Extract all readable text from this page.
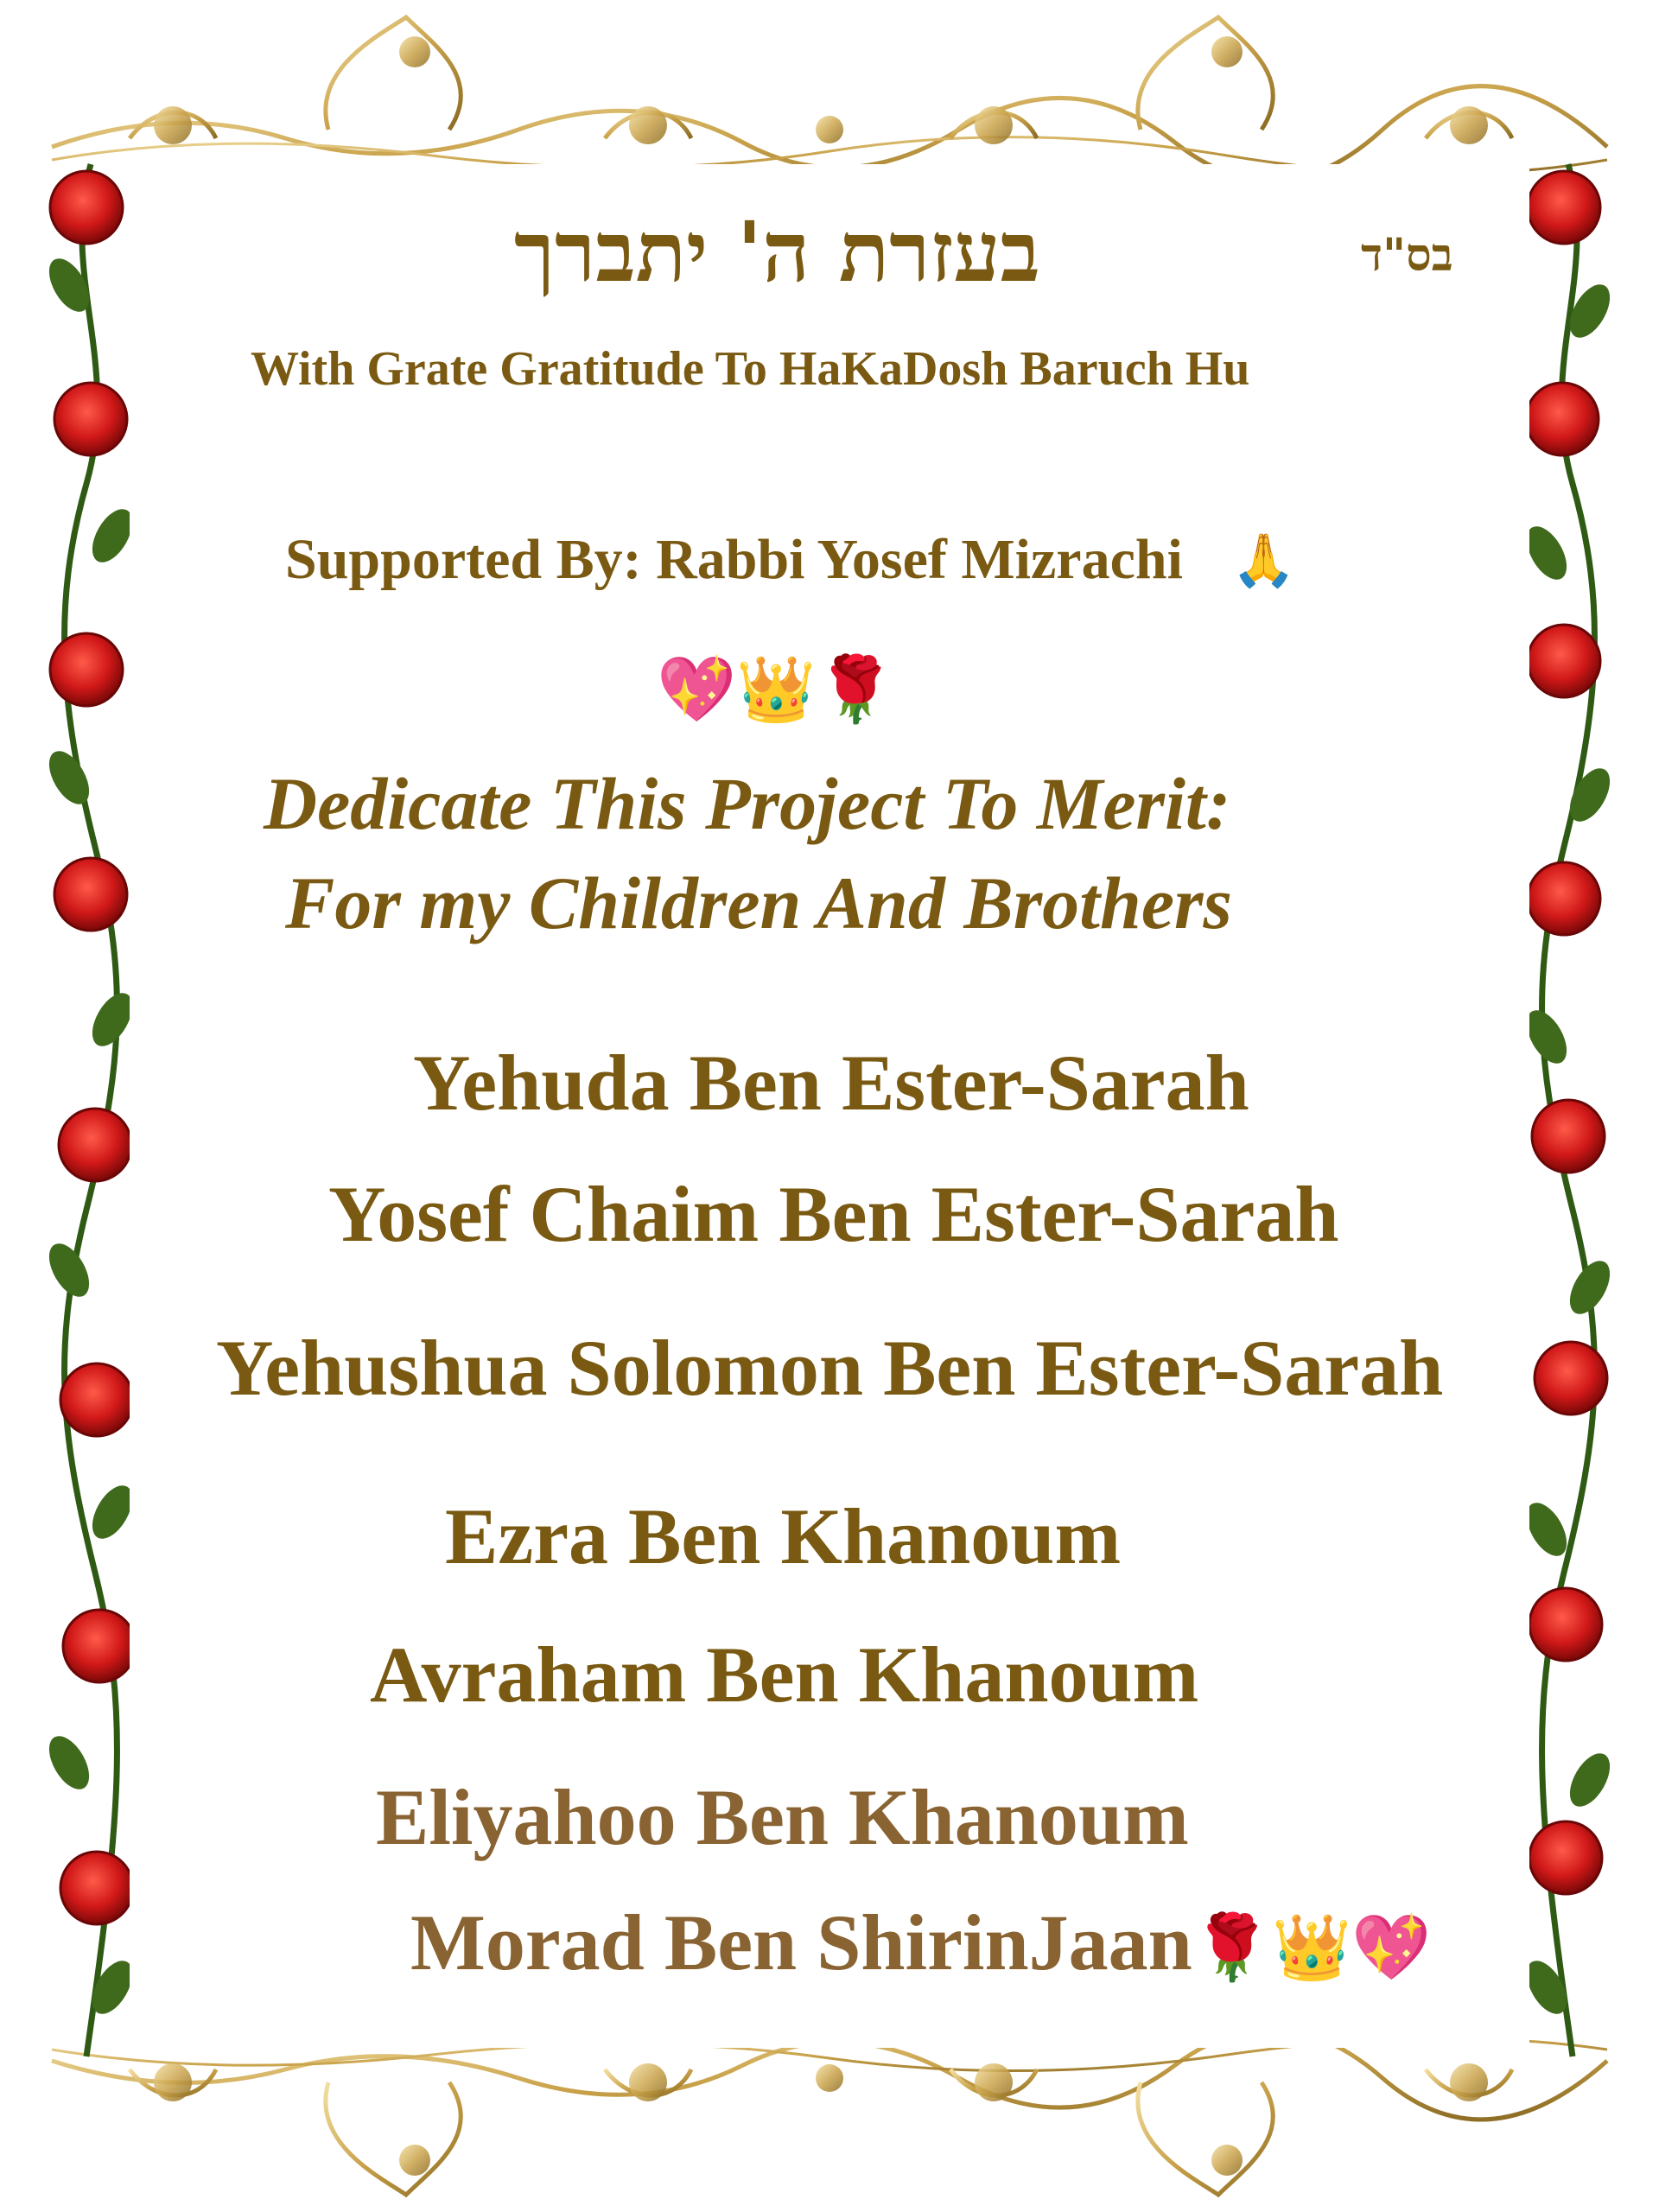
בס"ד
בעזרת ה' יתברך
With Grate Gratitude To HaKaDosh Baruch Hu
Supported By: Rabbi Yosef Mizrachi 🙏
💖👑🌹
Dedicate This Project To Merit:
For my Children And Brothers
Yehuda Ben Ester-Sarah
Yosef Chaim Ben Ester-Sarah
Yehushua Solomon Ben Ester-Sarah
Ezra Ben Khanoum
Avraham Ben Khanoum
Eliyahoo Ben Khanoum
Morad Ben ShirinJaan🌹👑💖
